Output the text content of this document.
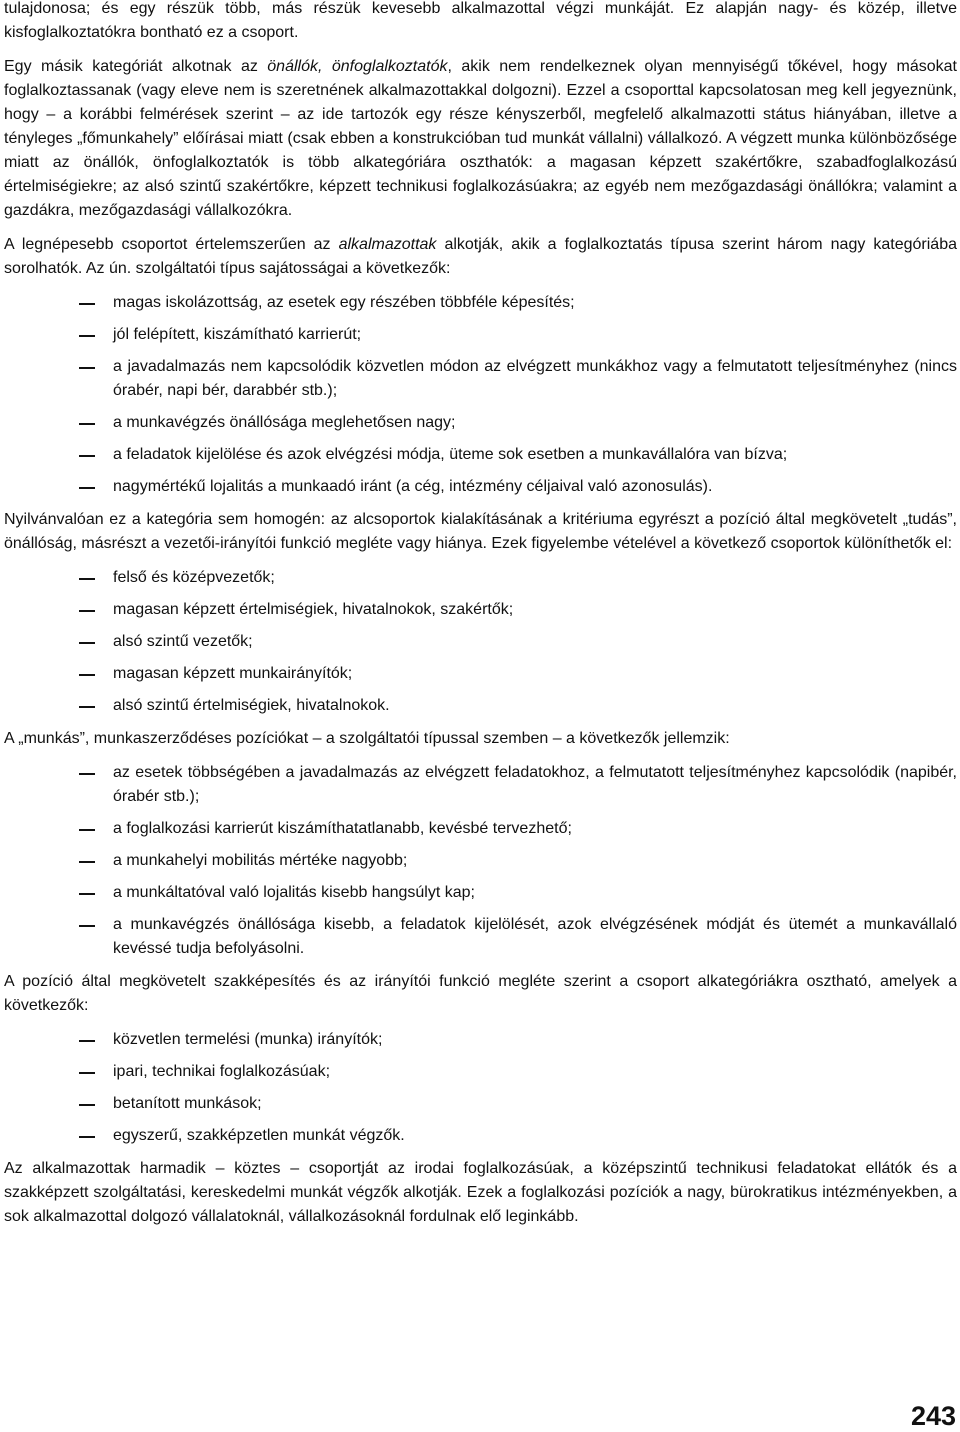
tulajdonosa; és egy részük több, más részük kevesebb alkalmazottal végzi munkáját. Ez alapján nagy- és közép, illetve kisfoglalkoztatókra bontható ez a csoport.

Egy másik kategóriát alkotnak az önállók, önfoglalkoztatók, akik nem rendelkeznek olyan mennyiségű tőkével, hogy másokat foglalkoztassanak (vagy eleve nem is szeretnének alkalmazottakkal dolgozni). Ezzel a csoporttal kapcsolatosan meg kell jegyeznünk, hogy – a korábbi felmérések szerint – az ide tartozók egy része kényszerből, megfelelő alkalmazotti státus hiányában, illetve a tényleges „főmunkahely” előírásai miatt (csak ebben a konstrukcióban tud munkát vállalni) vállalkozó. A végzett munka különbözősége miatt az önállók, önfoglalkoztatók is több alkategóriára oszthatók: a magasan képzett szakértőkre, szabadfoglalkozású értelmiségiekre; az alsó szintű szakértőkre, képzett technikusi foglalkozásúakra; az egyéb nem mezőgazdasági önállókra; valamint a gazdákra, mezőgazdasági vállalkozókra.

A legnépesebb csoportot értelemszerűen az alkalmazottak alkotják, akik a foglalkoztatás típusa szerint három nagy kategóriába sorolhatók. Az ún. szolgáltatói típus sajátosságai a következők:

magas iskolázottság, az esetek egy részében többféle képesítés;
jól felépített, kiszámítható karrierút;
a javadalmazás nem kapcsolódik közvetlen módon az elvégzett munkákhoz vagy a felmutatott teljesítményhez (nincs órabér, napi bér, darabbér stb.);
a munkavégzés önállósága meglehetősen nagy;
a feladatok kijelölése és azok elvégzési módja, üteme sok esetben a munkavállalóra van bízva;
nagymértékű lojalitás a munkaadó iránt (a cég, intézmény céljaival való azonosulás).

Nyilvánvalóan ez a kategória sem homogén: az alcsoportok kialakításának a kritériuma egyrészt a pozíció által megkövetelt „tudás”, önállóság, másrészt a vezetői-irányítói funkció megléte vagy hiánya. Ezek figyelembe vételével a következő csoportok különíthetők el:

felső és középvezetők;
magasan képzett értelmiségiek, hivatalnokok, szakértők;
alsó szintű vezetők;
magasan képzett munkairányítók;
alsó szintű értelmiségiek, hivatalnokok.

A „munkás”, munkaszerződéses pozíciókat – a szolgáltatói típussal szemben – a következők jellemzik:

az esetek többségében a javadalmazás az elvégzett feladatokhoz, a felmutatott teljesítményhez kapcsolódik (napibér, órabér stb.);
a foglalkozási karrierút kiszámíthatatlanabb, kevésbé tervezhető;
a munkahelyi mobilitás mértéke nagyobb;
a munkáltatóval való lojalitás kisebb hangsúlyt kap;
a munkavégzés önállósága kisebb, a feladatok kijelölését, azok elvégzésének módját és ütemét a munkavállaló kevéssé tudja befolyásolni.

A pozíció által megkövetelt szakképesítés és az irányítói funkció megléte szerint a csoport alkategóriákra osztható, amelyek a következők:

közvetlen termelési (munka) irányítók;
ipari, technikai foglalkozásúak;
betanított munkások;
egyszerű, szakképzetlen munkát végzők.

Az alkalmazottak harmadik – köztes – csoportját az irodai foglalkozásúak, a középszintű technikusi feladatokat ellátók és a szakképzett szolgáltatási, kereskedelmi munkát végzők alkotják. Ezek a foglalkozási pozíciók a nagy, bürokratikus intézményekben, a sok alkalmazottal dolgozó vállalatoknál, vállalkozásoknál fordulnak elő leginkább.

243
